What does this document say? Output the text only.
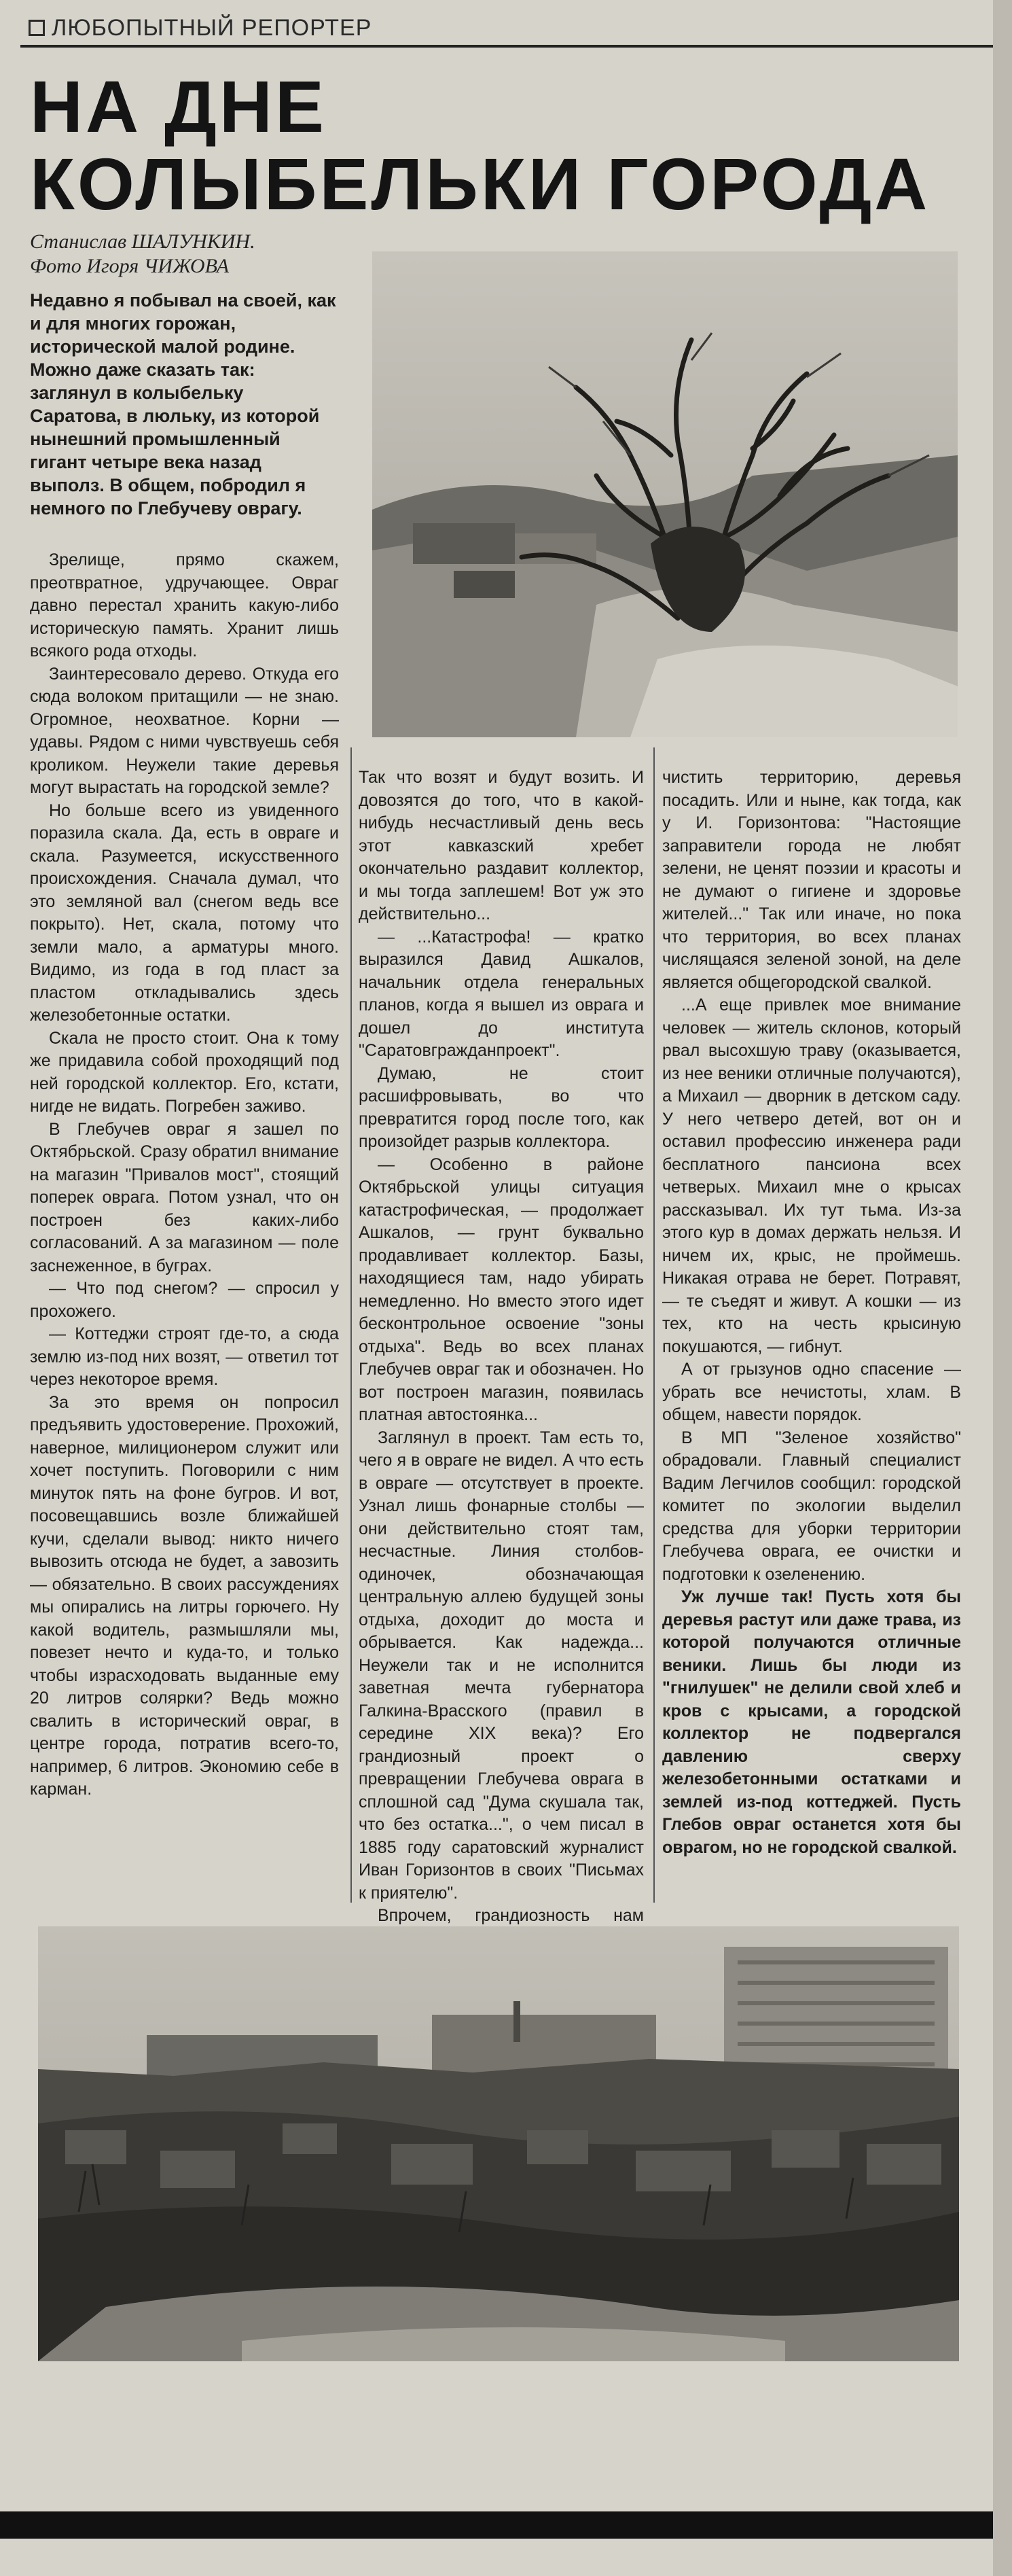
ЛЮБОПЫТНЫЙ РЕПОРТЕР
НА ДНЕ
КОЛЫБЕЛЬКИ ГОРОДА
Станислав ШАЛУНКИН.
Фото Игоря ЧИЖОВА

Недавно я побывал на своей, как и для многих горожан, исторической малой родине. Можно даже сказать так: заглянул в колыбельку Саратова, в люльку, из которой нынешний промышленный гигант четыре века назад выполз. В общем, побродил я немного по Глебучеву оврагу.

Зрелище, прямо скажем, преотвратное, удручающее. Овраг давно перестал хранить какую-либо историческую память. Хранит лишь всякого рода отходы.

Заинтересовало дерево. Откуда его сюда волоком притащили — не знаю. Огромное, неохватное. Корни — удавы. Рядом с ними чувствуешь себя кроликом. Неужели такие деревья могут вырастать на городской земле?

Но больше всего из увиденного поразила скала. Да, есть в овраге и скала. Разумеется, искусственного происхождения. Сначала думал, что это земляной вал (снегом ведь все покрыто). Нет, скала, потому что земли мало, а арматуры много. Видимо, из года в год пласт за пластом откладывались здесь железобетонные остатки.

Скала не просто стоит. Она к тому же придавила собой проходящий под ней городской коллектор. Его, кстати, нигде не видать. Погребен заживо.

В Глебучев овраг я зашел по Октябрьской. Сразу обратил внимание на магазин "Привалов мост", стоящий поперек оврага. Потом узнал, что он построен без каких-либо согласований. А за магазином — поле заснеженное, в буграх.

— Что под снегом? — спросил у прохожего.

— Коттеджи строят где-то, а сюда землю из-под них возят, — ответил тот через некоторое время.

За это время он попросил предъявить удостоверение. Прохожий, наверное, милиционером служит или хочет поступить. Поговорили с ним минуток пять на фоне бугров. И вот, посовещавшись возле ближайшей кучи, сделали вывод: никто ничего вывозить отсюда не будет, а завозить — обязательно. В своих рассуждениях мы опирались на литры горючего. Ну какой водитель, размышляли мы, повезет нечто и куда-то, и только чтобы израсходовать выданные ему 20 литров солярки? Ведь можно свалить в исторический овраг, в центре города, потратив всего-то, например, 6 литров. Экономию себе в карман.

Так что возят и будут возить. И довозятся до того, что в какой-нибудь несчастливый день весь этот кавказский хребет окончательно раздавит коллектор, и мы тогда заплешем! Вот уж это действительно...

— ...Катастрофа! — кратко выразился Давид Ашкалов, начальник отдела генеральных планов, когда я вышел из оврага и дошел до института "Саратовгражданпроект".

Думаю, не стоит расшифровывать, во что превратится город после того, как произойдет разрыв коллектора.

— Особенно в районе Октябрьской улицы ситуация катастрофическая, — продолжает Ашкалов, — грунт буквально продавливает коллектор. Базы, находящиеся там, надо убирать немедленно. Но вместо этого идет бесконтрольное освоение "зоны отдыха". Ведь во всех планах Глебучев овраг так и обозначен. Но вот построен магазин, появилась платная автостоянка...

Заглянул в проект. Там есть то, чего я в овраге не видел. А что есть в овраге — отсутствует в проекте. Узнал лишь фонарные столбы — они действительно стоят там, несчастные. Линия столбов-одиночек, обозначающая центральную аллею будущей зоны отдыха, доходит до моста и обрывается. Как надежда... Неужели так и не исполнится заветная мечта губернатора Галкина-Врасского (правил в середине XIX века)? Его грандиозный проект о превращении Глебучева оврага в сплошной сад "Дума скушала так, что без остатка...", о чем писал в 1885 году саратовский журналист Иван Горизонтов в своих "Письмах к приятелю".

Впрочем, грандиозность нам

чистить территорию, деревья посадить. Или и ныне, как тогда, как у И. Горизонтова: "Настоящие заправители города не любят зелени, не ценят поэзии и красоты и не думают о гигиене и здоровье жителей..." Так или иначе, но пока что территория, во всех планах числящаяся зеленой зоной, на деле является общегородской свалкой.

...А еще привлек мое внимание человек — житель склонов, который рвал высохшую траву (оказывается, из нее веники отличные получаются), а Михаил — дворник в детском саду. У него четверо детей, вот он и оставил профессию инженера ради бесплатного пансиона всех четверых. Михаил мне о крысах рассказывал. Их тут тьма. Из-за этого кур в домах держать нельзя. И ничем их, крыс, не проймешь. Никакая отрава не берет. Потравят, — те съедят и живут. А кошки — из тех, кто на честь крысиную покушаются, — гибнут.

А от грызунов одно спасение — убрать все нечистоты, хлам. В общем, навести порядок.

В МП "Зеленое хозяйство" обрадовали. Главный специалист Вадим Легчилов сообщил: городской комитет по экологии выделил средства для уборки территории Глебучева оврага, ее очистки и подготовки к озеленению.

Уж лучше так! Пусть хотя бы деревья растут или даже трава, из которой получаются отличные веники. Лишь бы люди из "гнилушек" не делили свой хлеб и кров с крысами, а городской коллектор не подвергался давлению сверху железобетонными остатками и землей из-под коттеджей. Пусть Глебов овраг останется хотя бы оврагом, но не городской свалкой.
